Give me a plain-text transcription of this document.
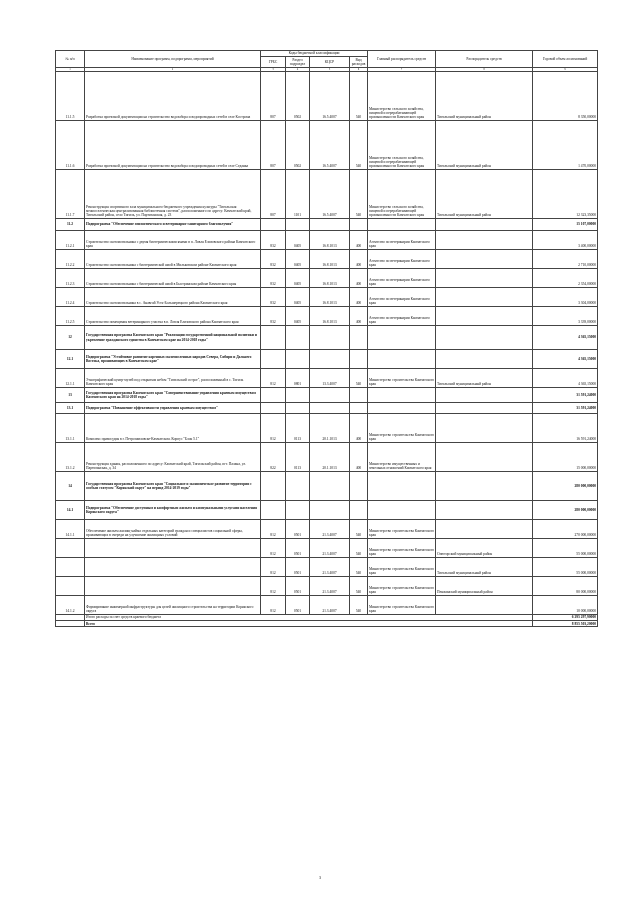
№ п/п	Наименование программ, подпрограмм, мероприятий	Коды бюджетной классификации				Главный распорядитель средств	Распорядитель средств	Годовой объем ассигнований
		ГРБС	Раздел подраздел	КЦСР	Вид расходов			
1	2	3	4	5	6	7	8	9
11.1.5	Разработка проектной документации на строительство водозабора и водопроводных сетей в селе Кострома	807	0502	16.5.4007	540	Министерство сельского хозяйства, пищевой и перерабатывающей промышленности Камчатского края	Тигильский муниципальный район	8 350,00000
11.1.6	Разработка проектной документации на строительство водозабора и водопроводных сетей в селе Седанка	807	0502	16.5.4007	540	Министерство сельского хозяйства, пищевой и перерабатывающей промышленности Камчатского края	Тигильский муниципальный район	1 470,00000
11.1.7	Реконструкция спортивного зала муниципального бюджетного учреждения культуры "Тигильская межпоселенческая централизованная библиотечная система", расположенного по адресу: Камчатский край, Тигильский район, село Тигиль, ул. Партизанская, д. 23	807	1101	16.5.4007	540	Министерство сельского хозяйства, пищевой и перерабатывающей промышленности Камчатского края	Тигильский муниципальный район	12 323,35000
11.2	Подпрограмма "Обеспечение эпизоотического и ветеринарно-санитарного благополучия"							15 107,00000
11.2.1	Строительство скотомогильника с двумя биотермическими ямами в п. Ловля Елизовского района Камчатского края	832	0405	16.8.1013	400	Агентство по ветеринарии Камчатского края		3 400,00000
11.2.2	Строительство скотомогильника с биотермической ямой в Мильковском районе Камчатского края	832	0405	16.8.1013	400	Агентство по ветеринарии Камчатского края		2 710,00000
11.2.3	Строительство скотомогильника с биотермической ямой в Быстринском районе Камчатского края	832	0405	16.8.1013	400	Агентство по ветеринарии Камчатского края		2 354,00000
11.2.4	Строительство скотомогильника в с. Анавгай Усть-Большерецкого района Камчатского края	832	0405	16.8.1013	400	Агентство по ветеринарии Камчатского края		3 304,00000
11.2.5	Строительство помещения ветеринарного участка в п. Ловля Елизовского района Камчатского края	832	0405	16.8.1013	400	Агентство по ветеринарии Камчатского края		3 339,00000
12	Государственная программа Камчатского края "Реализация государственной национальной политики и укрепление гражданского единства в Камчатском крае на 2014-2018 годы"							4 365,15000
12.1	Подпрограмма "Устойчивое развитие коренных малочисленных народов Севера, Сибири и Дальнего Востока, проживающих в Камчатском крае"							4 365,15000
12.1.1	Этнографический центр-музей под открытым небом "Тигильский острог", расположенный в с. Тигиль Камчатского края	812	0801	13.3.4007	540	Министерство строительства Камчатского края	Тигильский муниципальный район	4 365,15000
13	Государственная программа Камчатского края "Совершенствование управления краевым имуществом Камчатского края на 2014-2018 годы"							31 591,24000
13.1	Подпрограмма "Повышение эффективности управления краевым имуществом"							31 591,24000
13.1.1	Комплекс правосудия в г. Петропавловске-Камчатском. Корпус "Блок 5.1"	812	0113	20.1.1013	400	Министерство строительства Камчатского края		16 591,24000
13.1.2	Реконструкция здания, расположенного по адресу: Камчатский край, Тигильский район, пгт. Палана, ул. Партизанская, д. 34	822	0113	20.1.1013	400	Министерство имущественных и земельных отношений Камчатского края		15 000,00000
14	Государственная программа Камчатского края "Социальное и экономическое развитие территории с особым статусом "Корякский округ" на период 2014-2019 годы"							280 000,00000
14.1	Подпрограмма "Обеспечение доступным и комфортным жильем и коммунальными услугами населения Корякского округа"							280 000,00000
14.1.1	Обеспечение жильем жилищ-найма отдельных категорий граждан и специалистов социальной сферы, проживающих в очереди на улучшение жилищных условий	812	0501	21.3.4007	540	Министерство строительства Камчатского края		270 000,00000
		812	0501	21.3.4007	540	Министерство строительства Камчатского края	Олюторский муниципальный район	55 000,00000
		812	0501	21.3.4007	540	Министерство строительства Камчатского края	Тигильский муниципальный район	55 000,00000
		812	0501	21.3.4007	540	Министерство строительства Камчатского края	Пенжинский муниципальный район	80 000,00000
14.1.2	Формирование инженерной инфраструктуры для целей жилищного строительства на территории Корякского округа	812	0501	21.3.4007	540	Министерство строительства Камчатского края		10 000,00000
	Итого расходы за счет средств краевого бюджета							6 295 297,90000
	Всего							8 855 503,20000
3
